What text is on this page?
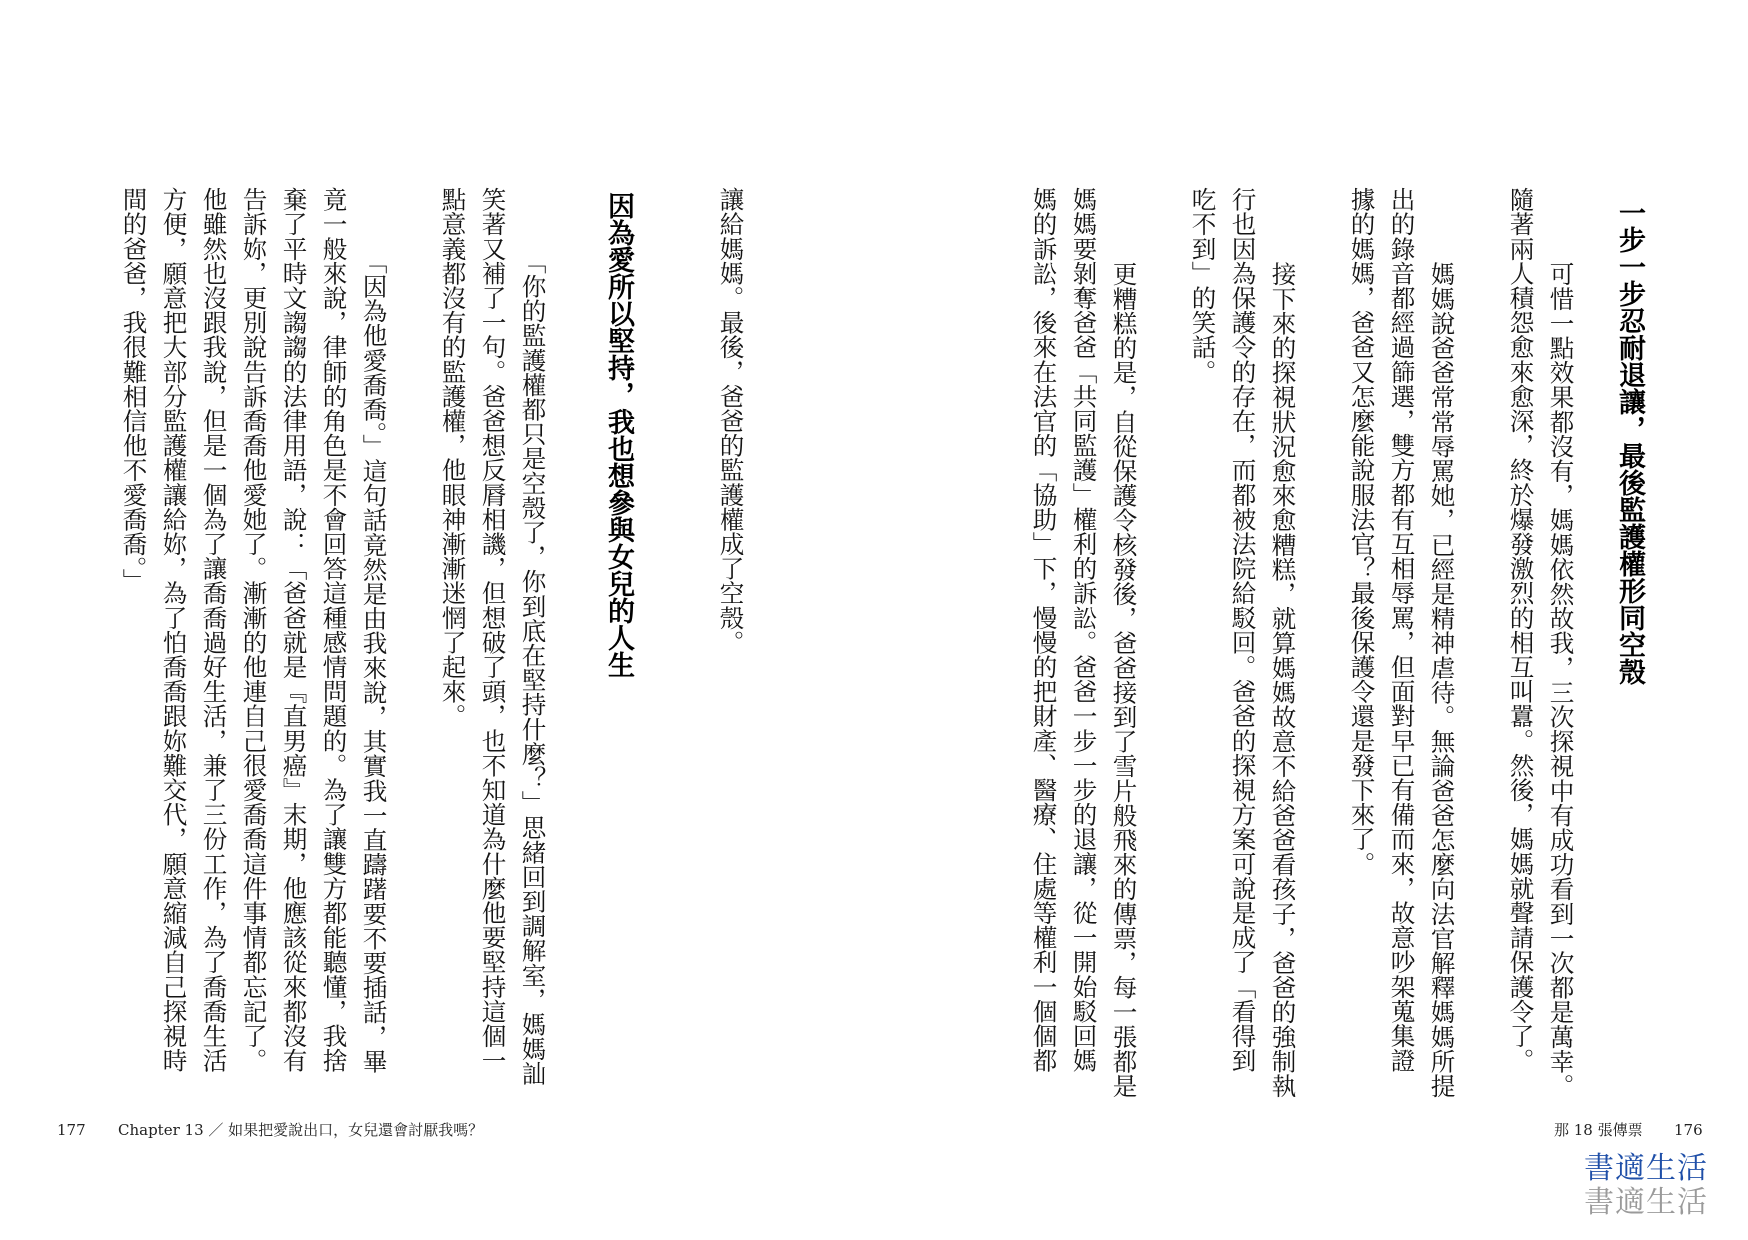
一步一步忍耐退讓，最後監護權形同空殼
　可惜一點效果都沒有，媽媽依然故我，三次探視中有成功看到一次都是萬幸。
隨著兩人積怨愈來愈深，終於爆發激烈的相互叫囂。然後，媽媽就聲請保護令了。
　媽媽說爸爸常常辱罵她，已經是精神虐待。無論爸爸怎麼向法官解釋媽媽所提
出的錄音都經過篩選，雙方都有互相辱罵，但面對早已有備而來，故意吵架蒐集證
據的媽媽，爸爸又怎麼能說服法官？最後保護令還是發下來了。
　接下來的探視狀況愈來愈糟糕，就算媽媽故意不給爸爸看孩子，爸爸的強制執
行也因為保護令的存在，而都被法院給駁回。爸爸的探視方案可說是成了「看得到
吃不到」的笑話。
　更糟糕的是，自從保護令核發後，爸爸接到了雪片般飛來的傳票，每一張都是
媽媽要剝奪爸爸「共同監護」權利的訴訟。爸爸一步一步的退讓，從一開始駁回媽
媽的訴訟，後來在法官的「協助」下，慢慢的把財產、醫療、住處等權利一個個都
讓給媽媽。最後，爸爸的監護權成了空殼。
因為愛所以堅持，我也想參與女兒的人生
　「你的監護權都只是空殼了，你到底在堅持什麼？」思緒回到調解室，媽媽訕
笑著又補了一句。爸爸想反脣相譏，但想破了頭，也不知道為什麼他要堅持這個一
點意義都沒有的監護權，他眼神漸漸迷惘了起來。
　「因為他愛喬喬。」這句話竟然是由我來說，其實我一直躊躇要不要插話，畢
竟一般來說，律師的角色是不會回答這種感情問題的。為了讓雙方都能聽懂，我捨
棄了平時文謅謅的法律用語，說：「爸爸就是『直男癌』末期，他應該從來都沒有
告訴妳，更別說告訴喬喬他愛她了。漸漸的他連自己很愛喬喬這件事情都忘記了。
他雖然也沒跟我說，但是一個為了讓喬喬過好生活，兼了三份工作，為了喬喬生活
方便，願意把大部分監護權讓給妳，為了怕喬喬跟妳難交代，願意縮減自己探視時
間的爸爸，我很難相信他不愛喬喬。」
177 Chapter 13 ／ 如果把愛說出口，女兒還會討厭我嗎？	那 18 張傳票 176
書適生活
書適生活
